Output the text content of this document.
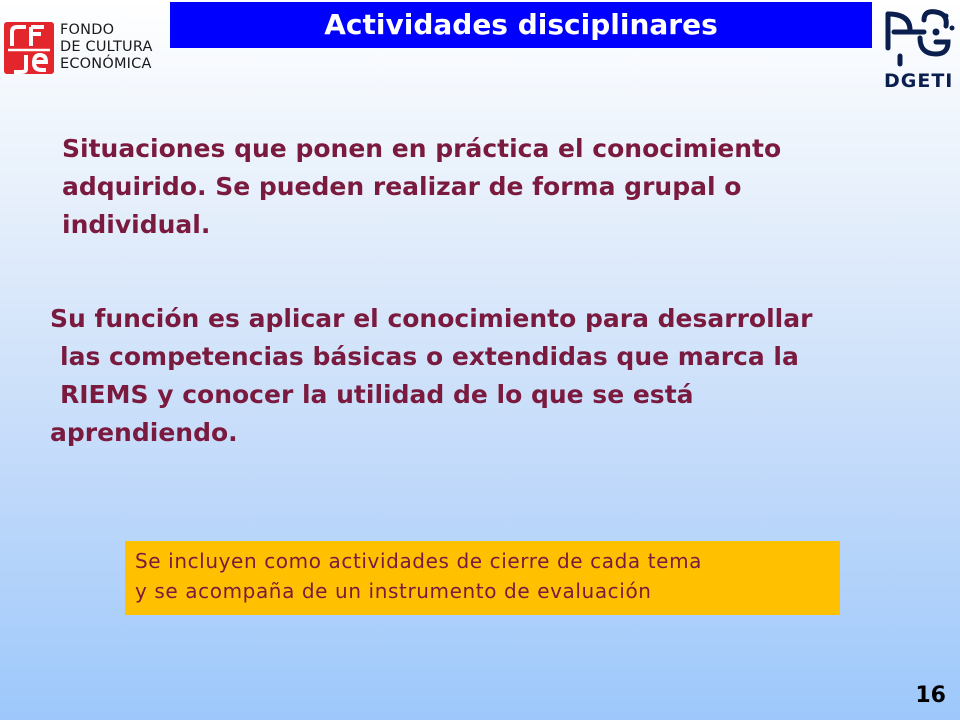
FONDO
DE CULTURA
ECONÓMICA
Actividades disciplinares
DGETI
Situaciones que ponen en práctica el conocimiento
adquirido. Se pueden realizar de forma grupal o
individual.
Su función es aplicar el conocimiento para desarrollar
las competencias básicas o extendidas que marca la
RIEMS y conocer la utilidad de lo que se está
aprendiendo.
Se incluyen como actividades de cierre de cada tema
y se acompaña de un instrumento de evaluación
16
